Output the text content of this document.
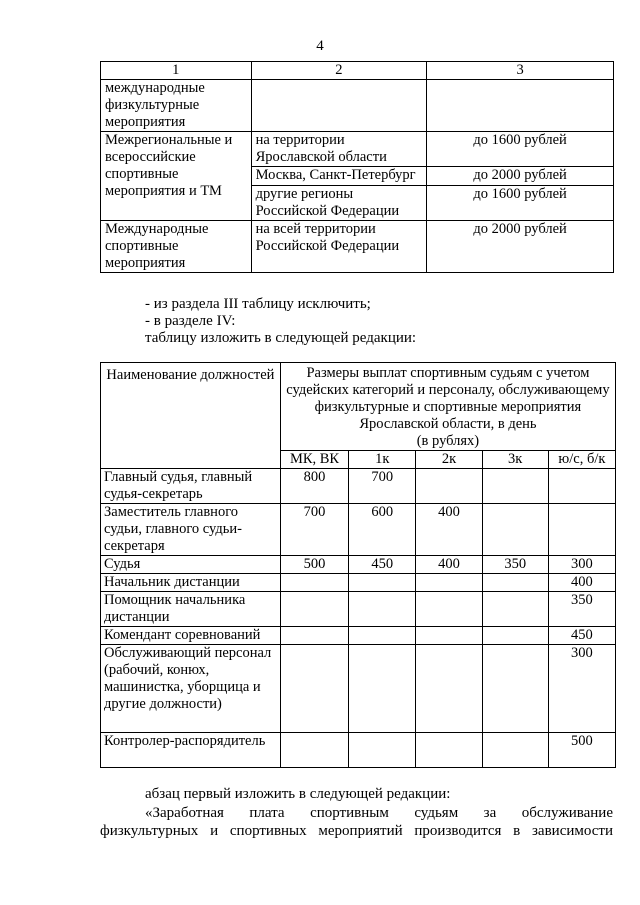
4
1	2	3
международные физкультурные мероприятия		
Межрегиональные и всероссийские спортивные мероприятия и ТМ	на территории Ярославской области	до 1600 рублей
	Москва, Санкт-Петербург	до 2000 рублей
	другие регионы Российской Федерации	до 1600 рублей
Международные спортивные мероприятия	на всей территории Российской Федерации	до 2000 рублей
- из раздела III таблицу исключить;
- в разделе IV:
таблицу изложить в следующей редакции:
Наименование должностей	Размеры выплат спортивным судьям с учетом судейских категорий и персоналу, обслуживающему физкультурные и спортивные мероприятия Ярославской области, в день
(в рублях)				
	МК, ВК	1к	2к	3к	ю/с, б/к
Главный судья, главный судья-секретарь	800	700			
Заместитель главного судьи, главного судьи-секретаря	700	600	400		
Судья	500	450	400	350	300
Начальник дистанции					400
Помощник начальника дистанции					350
Комендант соревнований					450
Обслуживающий персонал (рабочий, конюх, машинистка, уборщица и другие должности)					300
Контролер-распорядитель					500
абзац первый изложить в следующей редакции:
«Заработная плата спортивным судьям за обслуживание
физкультурных и спортивных мероприятий производится в зависимости
